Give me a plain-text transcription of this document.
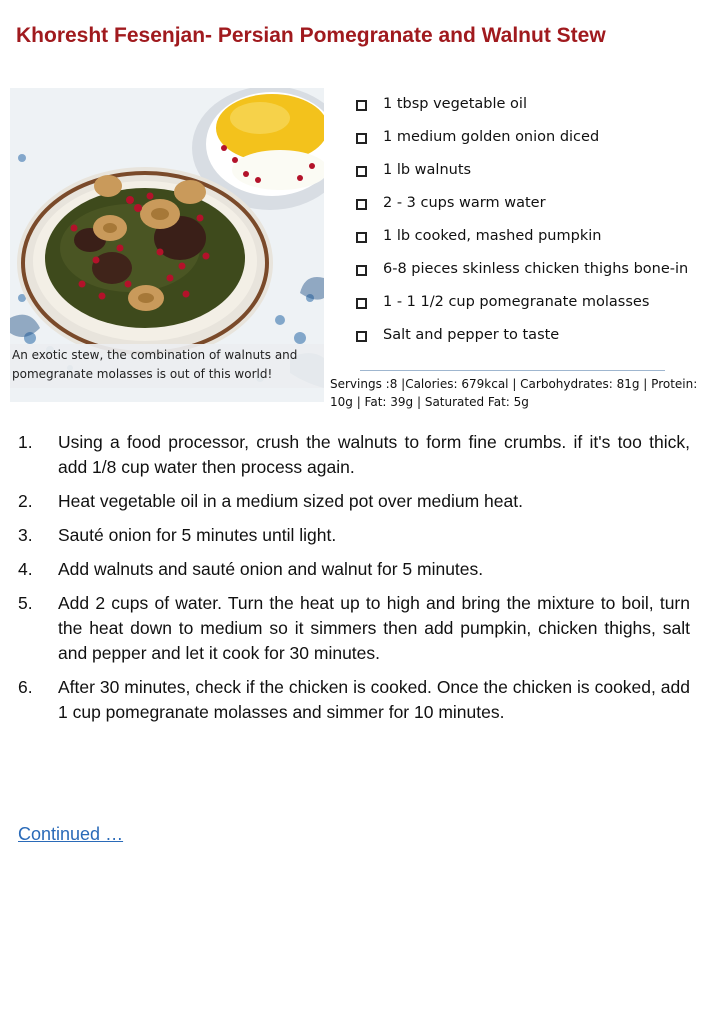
Khoresht Fesenjan- Persian Pomegranate and Walnut Stew
An exotic stew, the combination of walnuts and pomegranate molasses is out of this world!
1 tbsp vegetable oil
1 medium golden onion diced
1 lb walnuts
2 - 3 cups warm water
1 lb cooked, mashed pumpkin
6-8 pieces skinless chicken thighs bone-in
1 - 1 1/2 cup pomegranate molasses
Salt and pepper to taste
Servings :8 |Calories: 679kcal | Carbohydrates: 81g | Protein: 10g | Fat: 39g | Saturated Fat: 5g
1.	Using a food processor, crush the walnuts to form fine crumbs. if it's too thick, add 1/8 cup water then process again.
2.	Heat vegetable oil in a medium sized pot over medium heat.
3.	Sauté onion for 5 minutes until light.
4.	Add walnuts and sauté onion and walnut for 5 minutes.
5.	Add 2 cups of water. Turn the heat up to high and bring the mixture to boil, turn the heat down to medium so it simmers then add pumpkin, chicken thighs, salt and pepper and let it cook for 30 minutes.
6.	After 30 minutes, check if the chicken is cooked. Once the chicken is cooked, add 1 cup pomegranate molasses and simmer for 10 minutes.
Continued …
